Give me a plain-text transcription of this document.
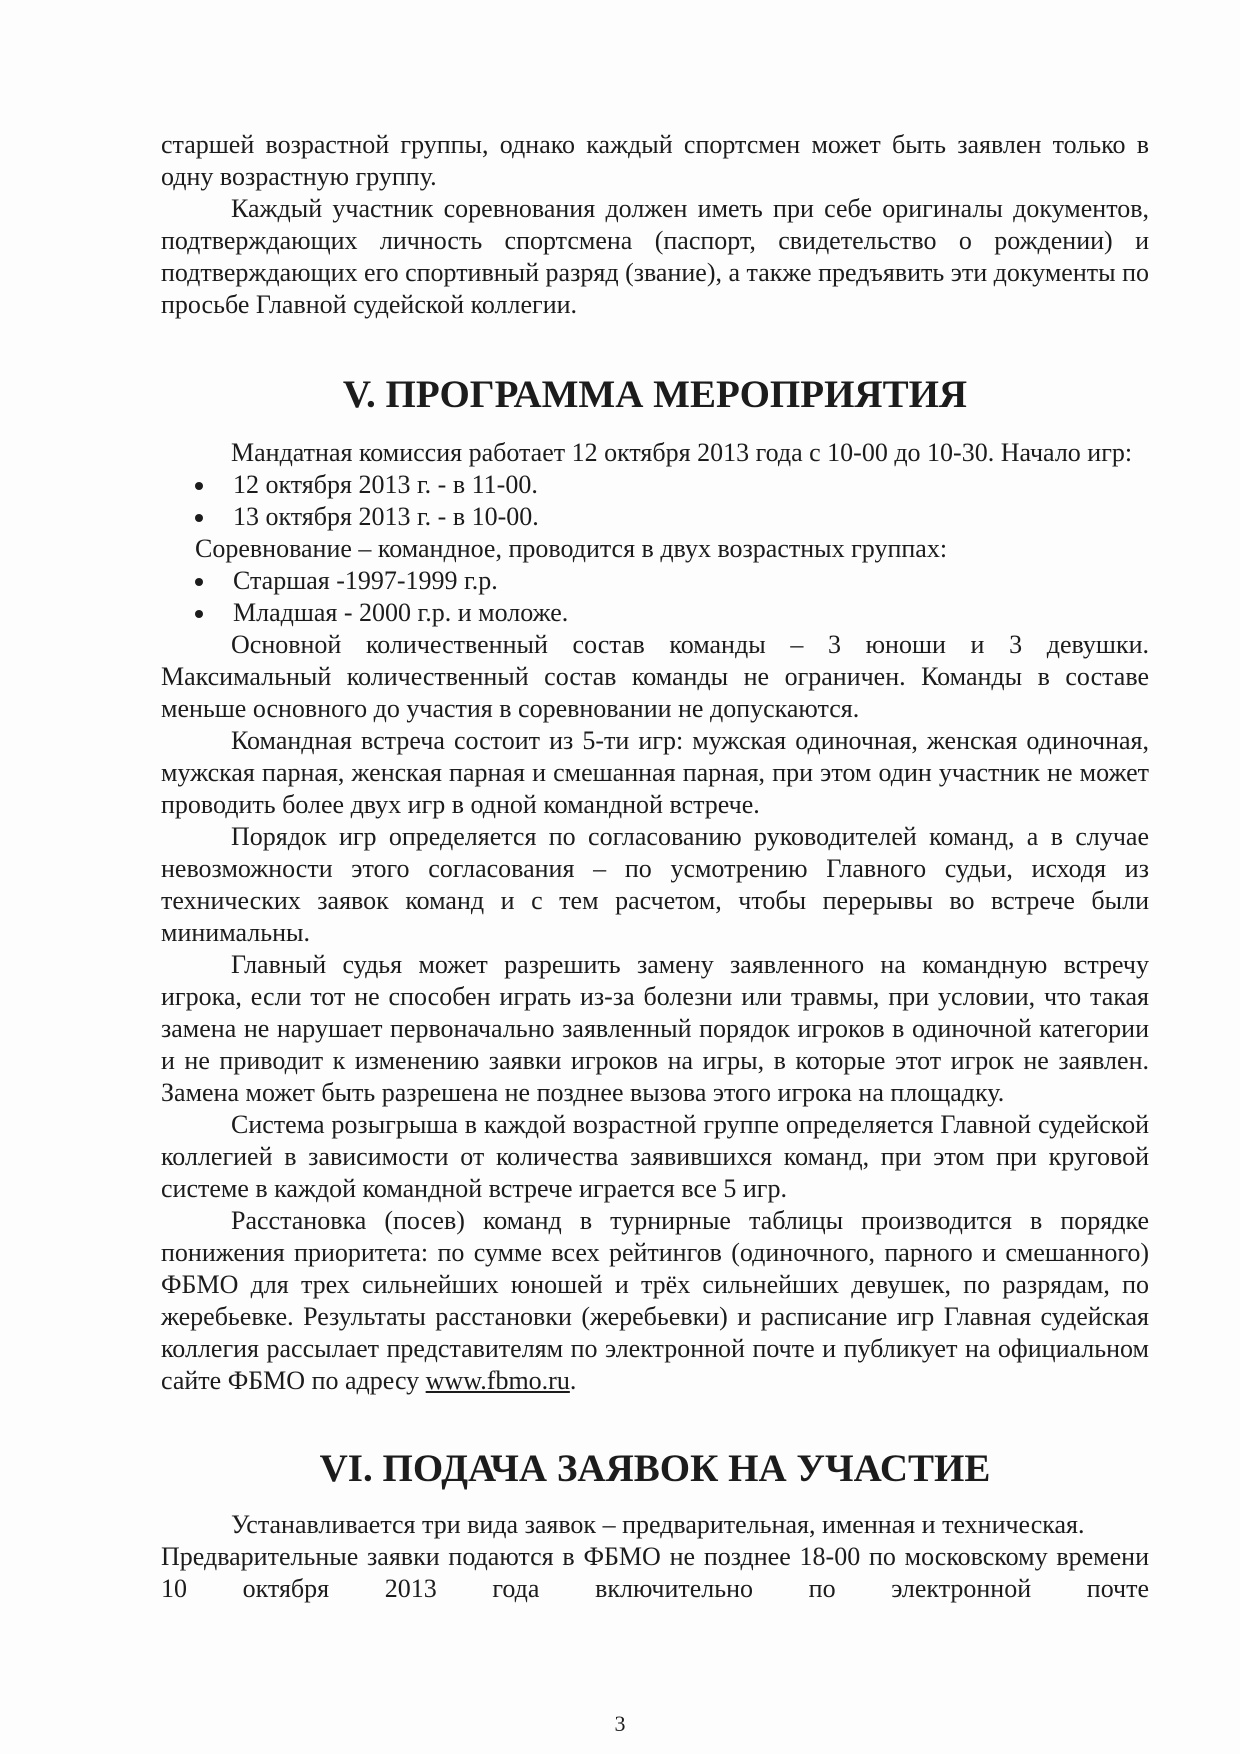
старшей возрастной группы, однако каждый спортсмен может быть заявлен только в одну возрастную группу.

Каждый участник соревнования должен иметь при себе оригиналы документов, подтверждающих личность спортсмена (паспорт, свидетельство о рождении) и подтверждающих его спортивный разряд (звание), а также предъявить эти документы по просьбе Главной судейской коллегии.

V. ПРОГРАММА МЕРОПРИЯТИЯ

Мандатная комиссия работает 12 октября 2013 года с 10-00 до 10-30. Начало игр:

12 октября 2013 г. - в 11-00.
13 октября 2013 г. - в 10-00.

Соревнование – командное, проводится в двух возрастных группах:

Старшая -1997-1999 г.р.
Младшая - 2000 г.р. и моложе.

Основной количественный состав команды – 3 юноши и 3 девушки. Максимальный количественный состав команды не ограничен. Команды в составе меньше основного до участия в соревновании не допускаются.

Командная встреча состоит из 5-ти игр: мужская одиночная, женская одиночная, мужская парная, женская парная и смешанная парная, при этом один участник не может проводить более двух игр в одной командной встрече.

Порядок игр определяется по согласованию руководителей команд, а в случае невозможности этого согласования – по усмотрению Главного судьи, исходя из технических заявок команд и с тем расчетом, чтобы перерывы во встрече были минимальны.

Главный судья может разрешить замену заявленного на командную встречу игрока, если тот не способен играть из-за болезни или травмы, при условии, что такая замена не нарушает первоначально заявленный порядок игроков в одиночной категории и не приводит к изменению заявки игроков на игры, в которые этот игрок не заявлен. Замена может быть разрешена не позднее вызова этого игрока на площадку.

Система розыгрыша в каждой возрастной группе определяется Главной судейской коллегией в зависимости от количества заявившихся команд, при этом при круговой системе в каждой командной встрече играется все 5 игр.

Расстановка (посев) команд в турнирные таблицы производится в порядке понижения приоритета: по сумме всех рейтингов (одиночного, парного и смешанного) ФБМО для трех сильнейших юношей и трёх сильнейших девушек, по разрядам, по жеребьевке. Результаты расстановки (жеребьевки) и расписание игр Главная судейская коллегия рассылает представителям по электронной почте и публикует на официальном сайте ФБМО по адресу www.fbmo.ru.

VI. ПОДАЧА ЗАЯВОК НА УЧАСТИЕ

Устанавливается три вида заявок – предварительная, именная и техническая.

Предварительные заявки подаются в ФБМО не позднее 18-00 по московскому времени 10 октября 2013 года включительно по электронной почте

3
